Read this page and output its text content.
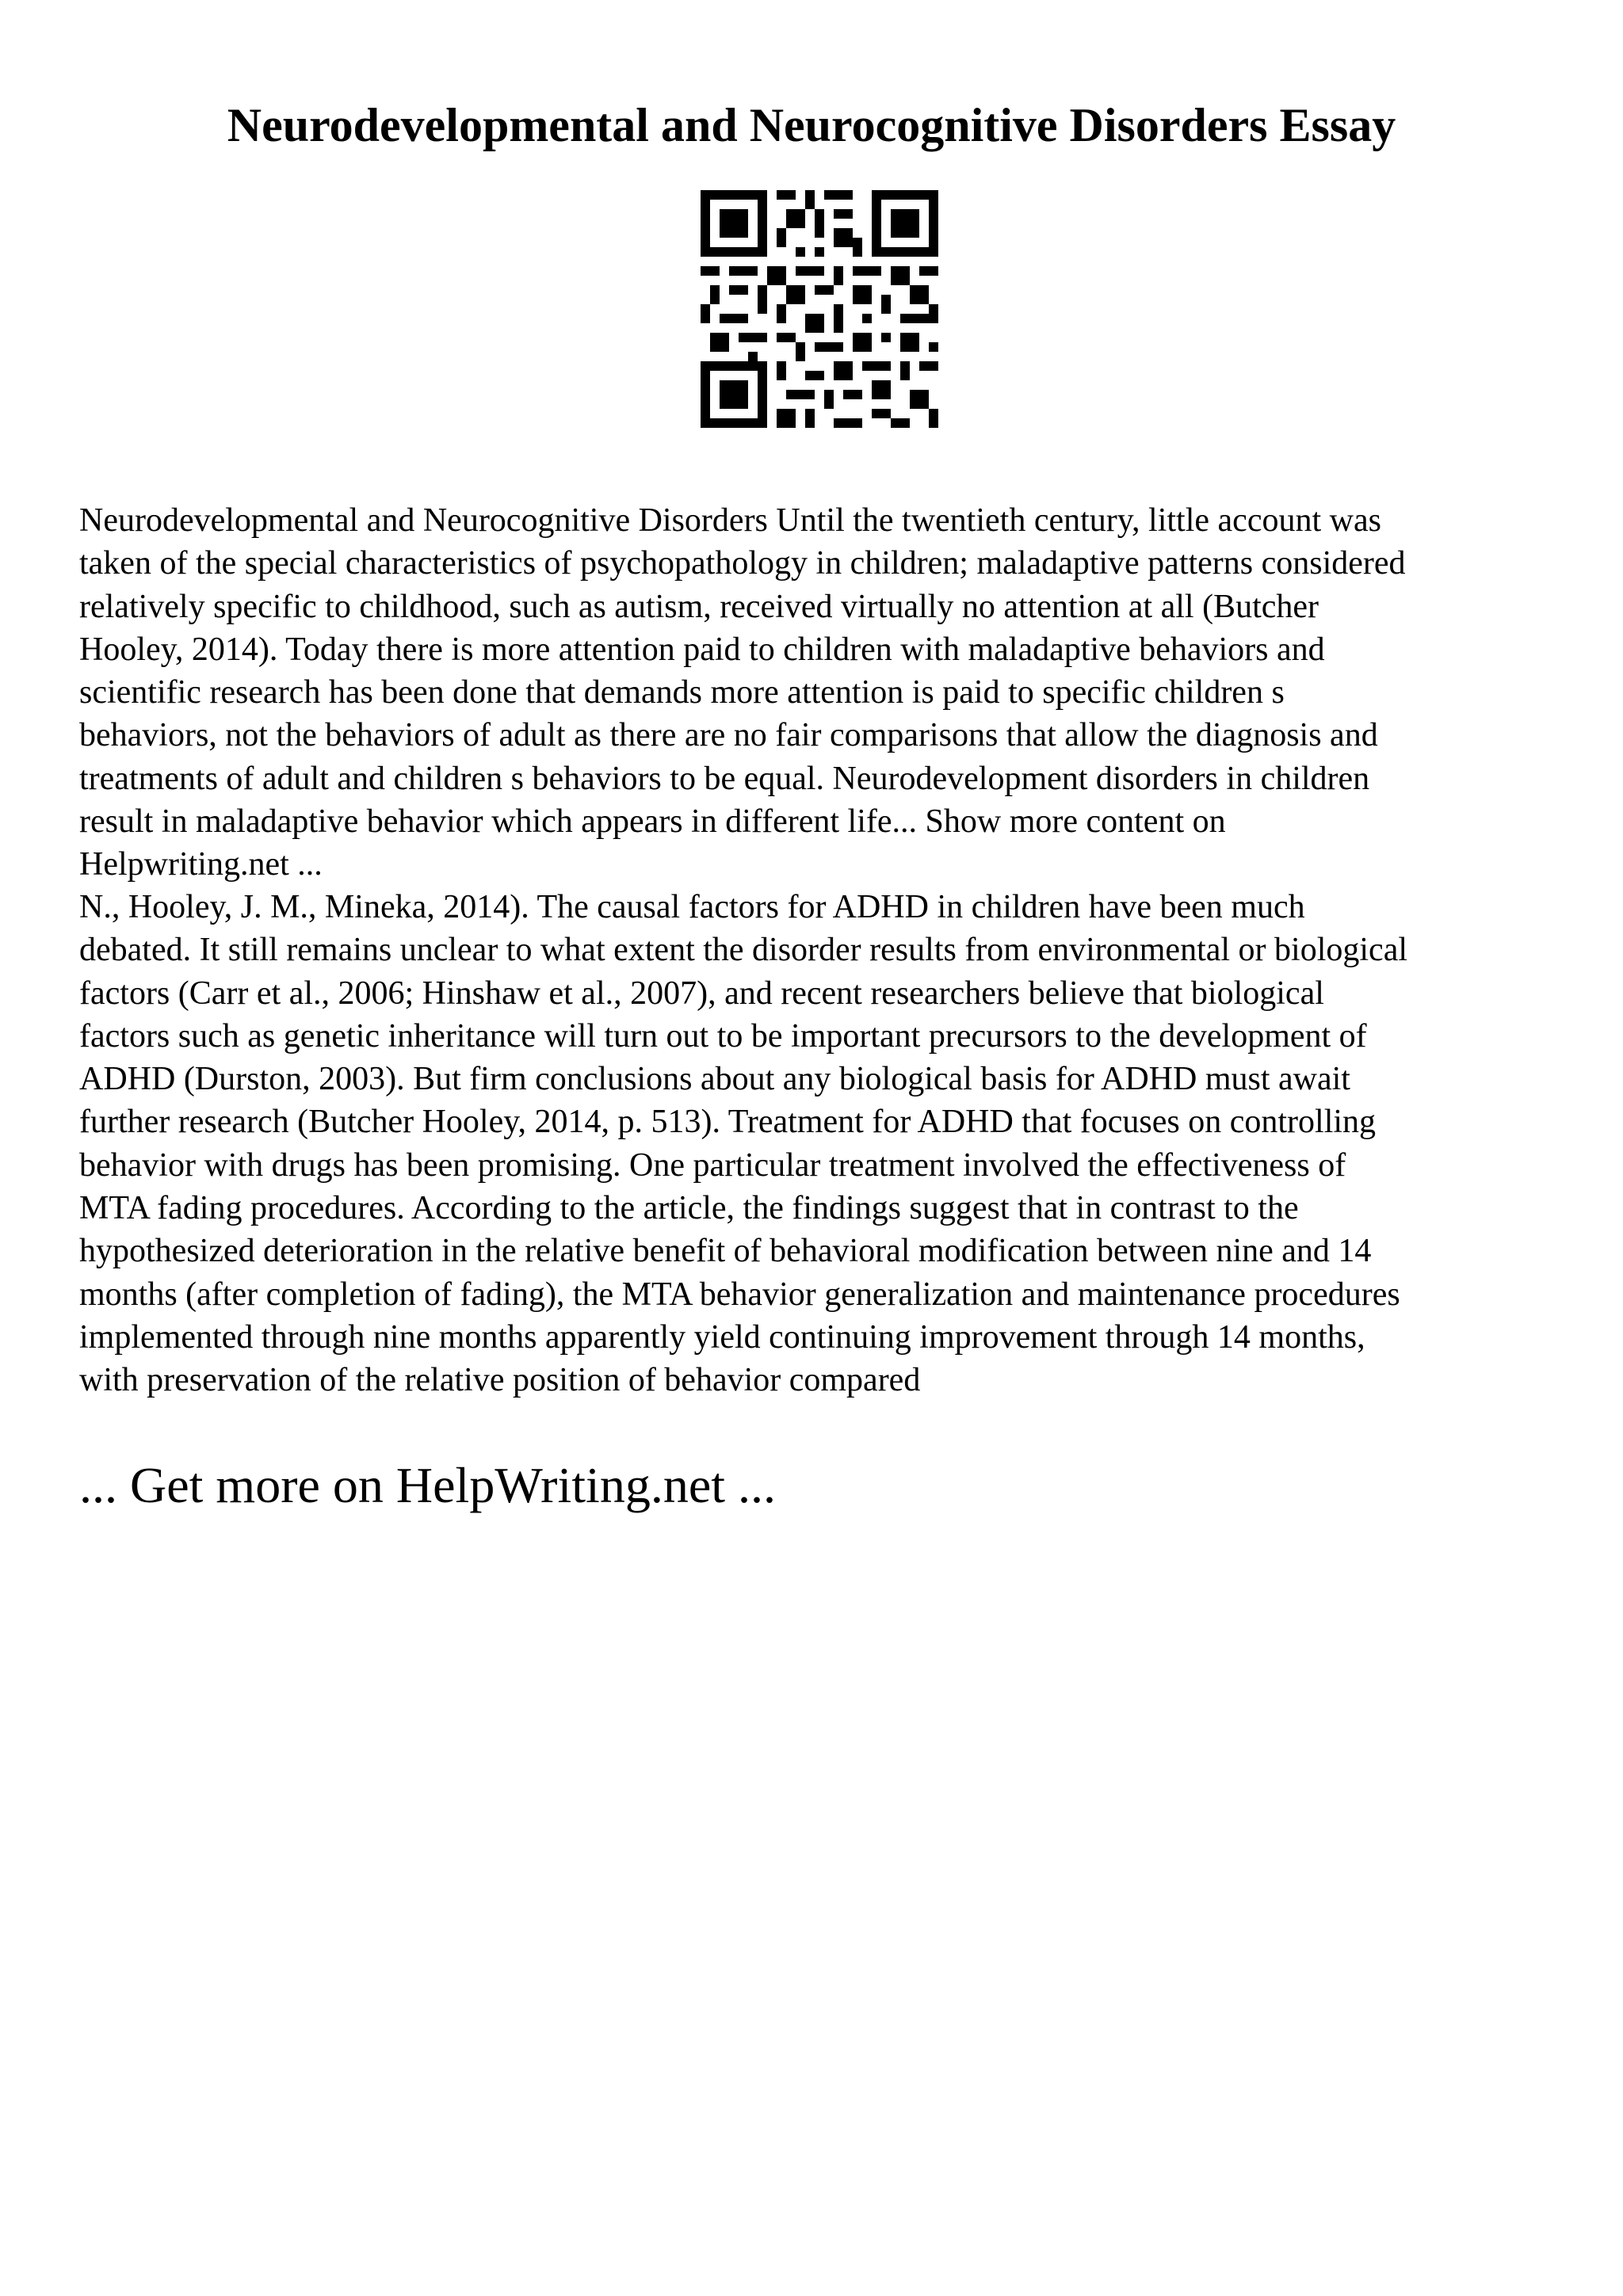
Neurodevelopmental and Neurocognitive Disorders Essay

Neurodevelopmental and Neurocognitive Disorders Until the twentieth century, little account was
taken of the special characteristics of psychopathology in children; maladaptive patterns considered
relatively specific to childhood, such as autism, received virtually no attention at all (Butcher
Hooley, 2014). Today there is more attention paid to children with maladaptive behaviors and
scientific research has been done that demands more attention is paid to specific children s
behaviors, not the behaviors of adult as there are no fair comparisons that allow the diagnosis and
treatments of adult and children s behaviors to be equal. Neurodevelopment disorders in children
result in maladaptive behavior which appears in different life... Show more content on
Helpwriting.net ...

N., Hooley, J. M., Mineka, 2014). The causal factors for ADHD in children have been much
debated. It still remains unclear to what extent the disorder results from environmental or biological
factors (Carr et al., 2006; Hinshaw et al., 2007), and recent researchers believe that biological
factors such as genetic inheritance will turn out to be important precursors to the development of
ADHD (Durston, 2003). But firm conclusions about any biological basis for ADHD must await
further research (Butcher Hooley, 2014, p. 513). Treatment for ADHD that focuses on controlling
behavior with drugs has been promising. One particular treatment involved the effectiveness of
MTA fading procedures. According to the article, the findings suggest that in contrast to the
hypothesized deterioration in the relative benefit of behavioral modification between nine and 14
months (after completion of fading), the MTA behavior generalization and maintenance procedures
implemented through nine months apparently yield continuing improvement through 14 months,
with preservation of the relative position of behavior compared

... Get more on HelpWriting.net ...
